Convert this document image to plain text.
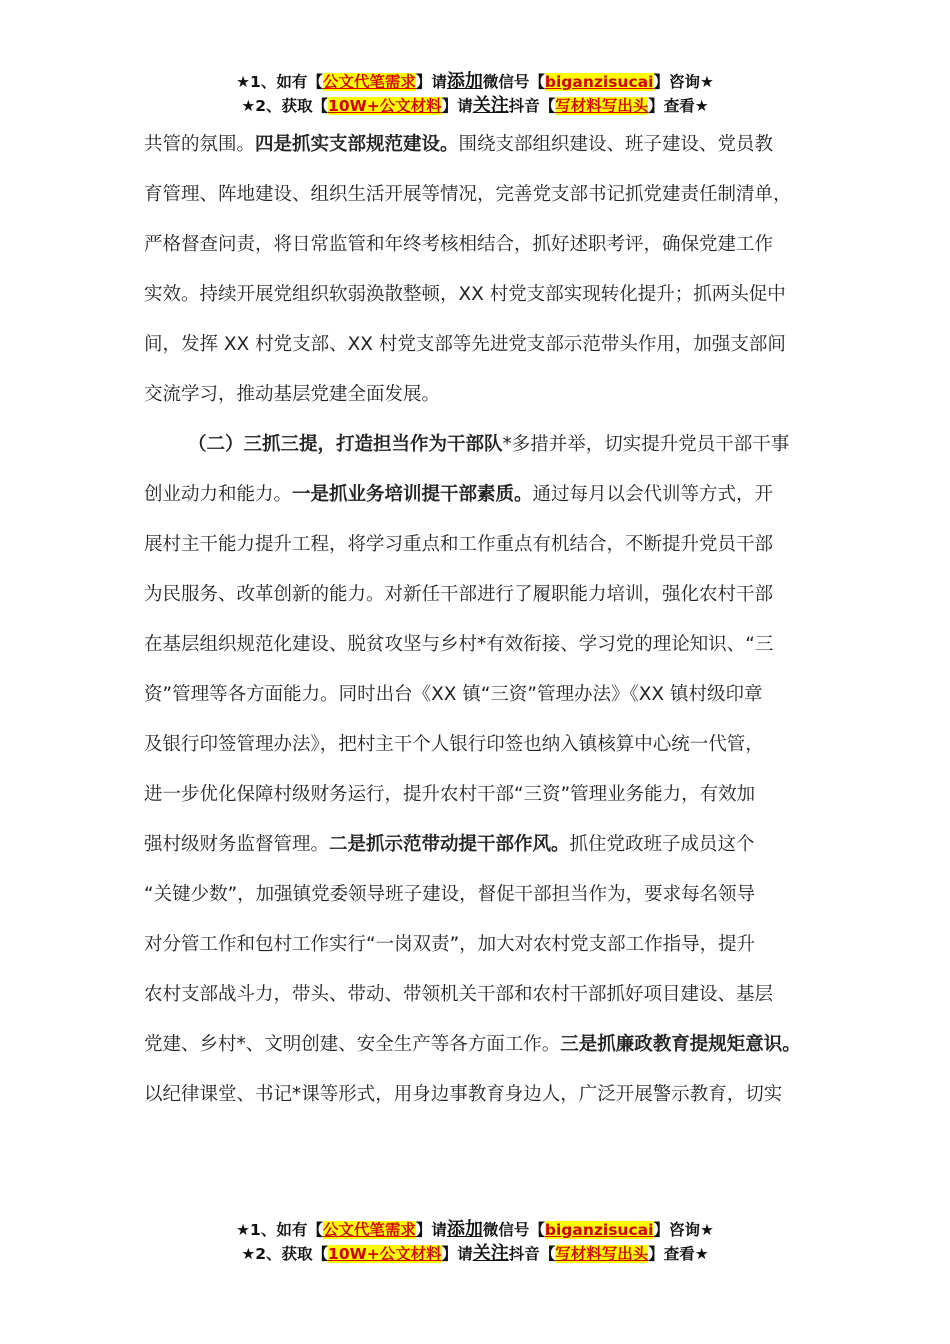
★1、如有【公文代笔需求】请添加微信号【biganzisucai】咨询★
★2、获取【10W+公文材料】请关注抖音【写材料写出头】查看★
共管的氛围。四是抓实支部规范建设。围绕支部组织建设、班子建设、党员教
育管理、阵地建设、组织生活开展等情况，完善党支部书记抓党建责任制清单，
严格督查问责，将日常监管和年终考核相结合，抓好述职考评，确保党建工作
实效。持续开展党组织软弱涣散整顿，XX 村党支部实现转化提升；抓两头促中
间，发挥 XX 村党支部、XX 村党支部等先进党支部示范带头作用，加强支部间
交流学习，推动基层党建全面发展。
（二）三抓三提，打造担当作为干部队*多措并举，切实提升党员干部干事
创业动力和能力。一是抓业务培训提干部素质。通过每月以会代训等方式，开
展村主干能力提升工程，将学习重点和工作重点有机结合，不断提升党员干部
为民服务、改革创新的能力。对新任干部进行了履职能力培训，强化农村干部
在基层组织规范化建设、脱贫攻坚与乡村*有效衔接、学习党的理论知识、“三
资”管理等各方面能力。同时出台《XX 镇“三资”管理办法》《XX 镇村级印章
及银行印签管理办法》，把村主干个人银行印签也纳入镇核算中心统一代管，
进一步优化保障村级财务运行，提升农村干部“三资”管理业务能力，有效加
强村级财务监督管理。二是抓示范带动提干部作风。抓住党政班子成员这个
“关键少数”，加强镇党委领导班子建设，督促干部担当作为，要求每名领导
对分管工作和包村工作实行“一岗双责”，加大对农村党支部工作指导，提升
农村支部战斗力，带头、带动、带领机关干部和农村干部抓好项目建设、基层
党建、乡村*、文明创建、安全生产等各方面工作。三是抓廉政教育提规矩意识。
以纪律课堂、书记*课等形式，用身边事教育身边人，广泛开展警示教育，切实
★1、如有【公文代笔需求】请添加微信号【biganzisucai】咨询★
★2、获取【10W+公文材料】请关注抖音【写材料写出头】查看★
